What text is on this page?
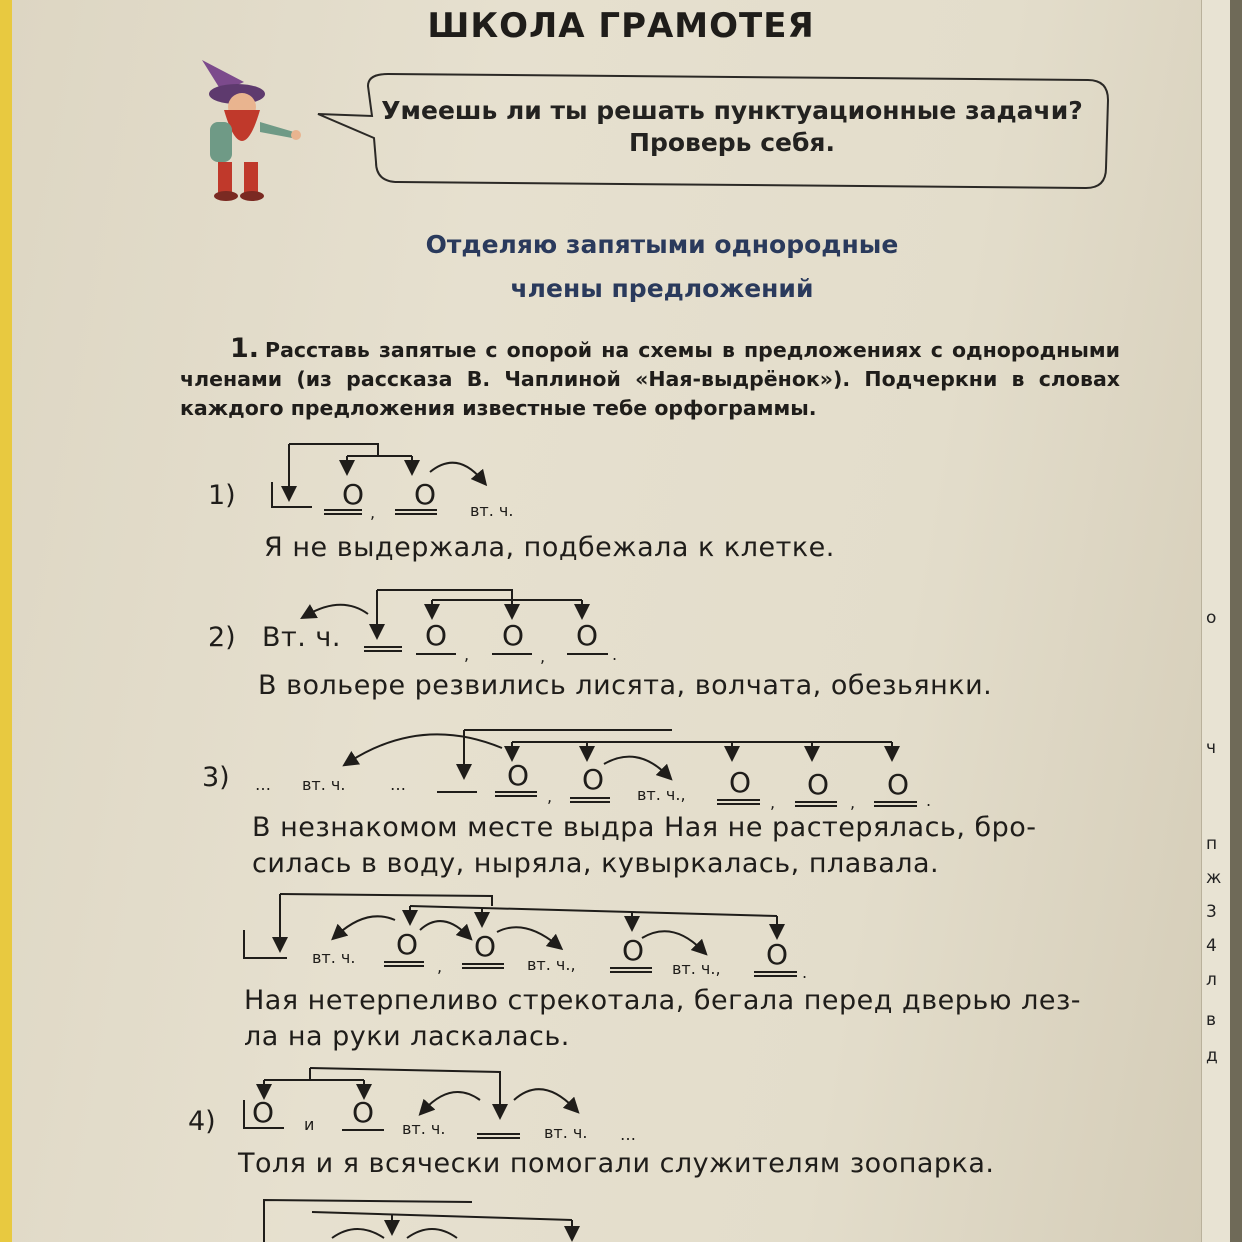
ШКОЛА ГРАМОТЕЯ
Умеешь ли ты решать пунктуационные задачи?
Проверь себя.
Отделяю запятыми однородные
члены предложений
1. Расставь запятые с опорой на схемы в предложениях с однородными членами (из рассказа В. Чаплиной «Ная-выдрёнок»). Подчеркни в словах каждого предложения известные тебе орфограммы.
О О
О О О
О О	О О О
О О	О	О
О	О
,	вт. ч.
,	,	.
… вт. ч.	…
,	вт. ч.,	,	,	.
вт. ч.	,	вт. ч.,	вт. ч.,	.
и	вт. ч.	вт. ч. …
1)
Я не выдержала, подбежала к клетке.
2) Вт. ч.
В вольере резвились лисята, волчата, обезьянки.
3)
В незнакомом месте выдра Ная не растерялась, бро-
силась в воду, ныряла, кувыркалась, плавала.
Ная нетерпеливо стрекотала, бегала перед дверью лез-
ла на руки ласкалась.
4)
Толя и я всячески помогали служителям зоопарка.
о
ч
п
ж
3
4
л
в
д
